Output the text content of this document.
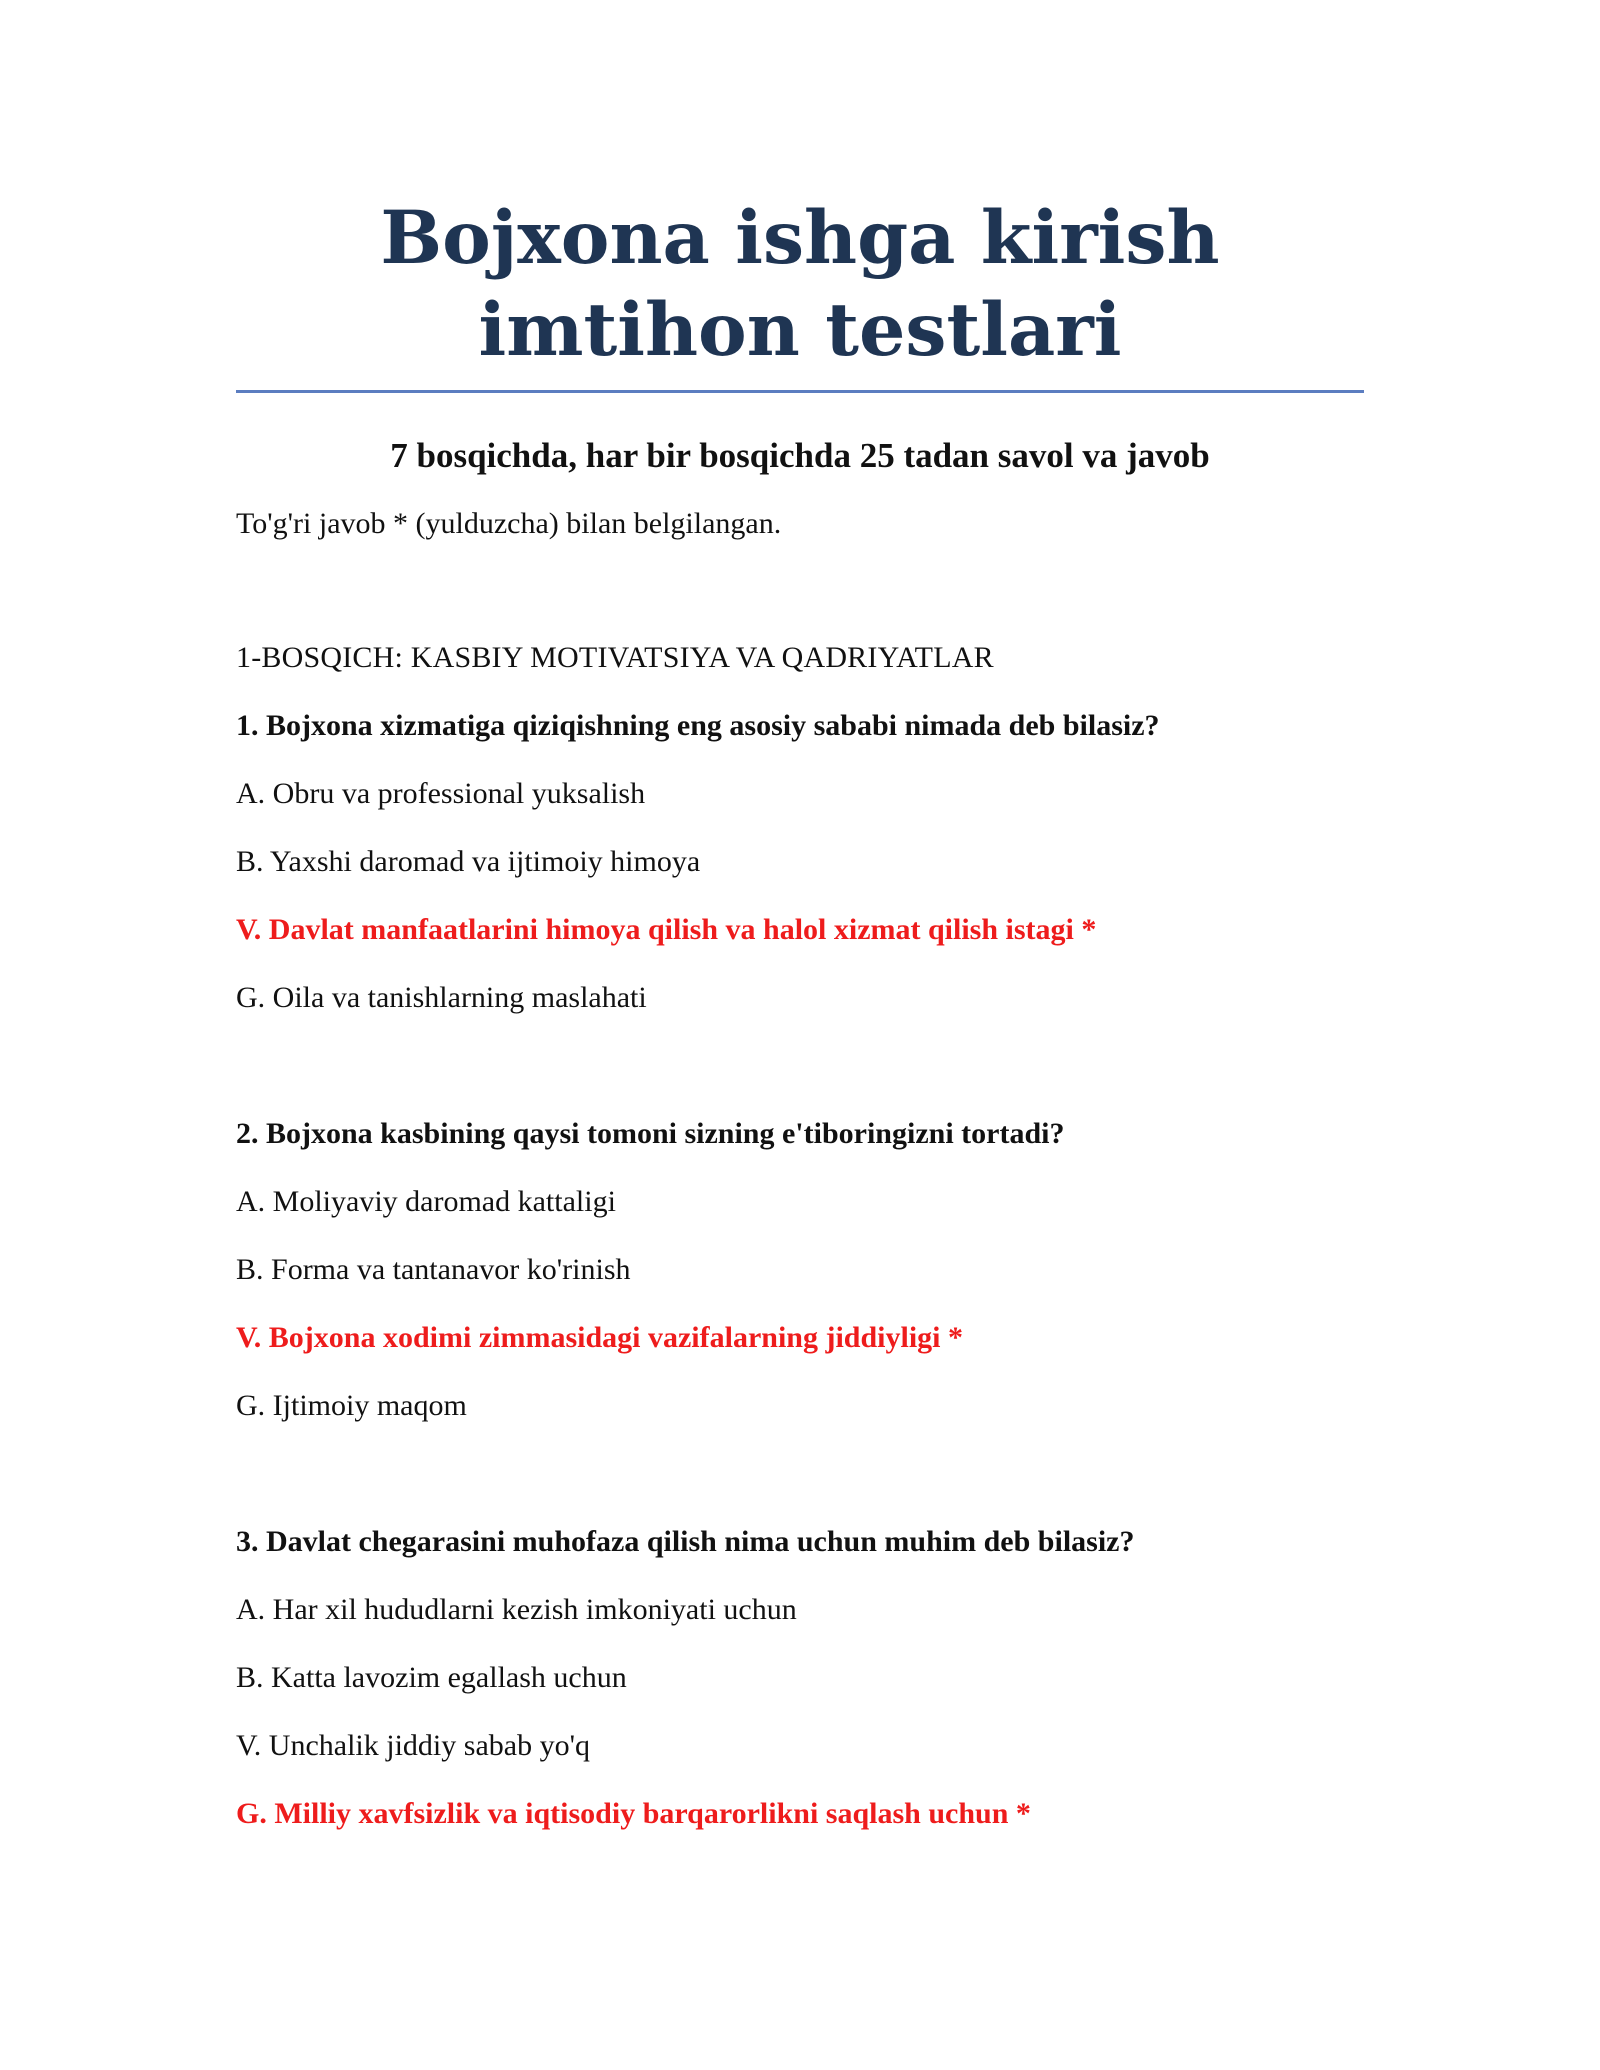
Bojxona ishga kirish imtihon testlari
7 bosqichda, har bir bosqichda 25 tadan savol va javob
To'g'ri javob * (yulduzcha) bilan belgilangan.
1-BOSQICH: KASBIY MOTIVATSIYA VA QADRIYATLAR
1. Bojxona xizmatiga qiziqishning eng asosiy sababi nimada deb bilasiz?
A. Obru va professional yuksalish
B. Yaxshi daromad va ijtimoiy himoya
V. Davlat manfaatlarini himoya qilish va halol xizmat qilish istagi *
G. Oila va tanishlarning maslahati
2. Bojxona kasbining qaysi tomoni sizning e'tiboringizni tortadi?
A. Moliyaviy daromad kattaligi
B. Forma va tantanavor ko'rinish
V. Bojxona xodimi zimmasidagi vazifalarning jiddiyligi *
G. Ijtimoiy maqom
3. Davlat chegarasini muhofaza qilish nima uchun muhim deb bilasiz?
A. Har xil hududlarni kezish imkoniyati uchun
B. Katta lavozim egallash uchun
V. Unchalik jiddiy sabab yo'q
G. Milliy xavfsizlik va iqtisodiy barqarorlikni saqlash uchun *
